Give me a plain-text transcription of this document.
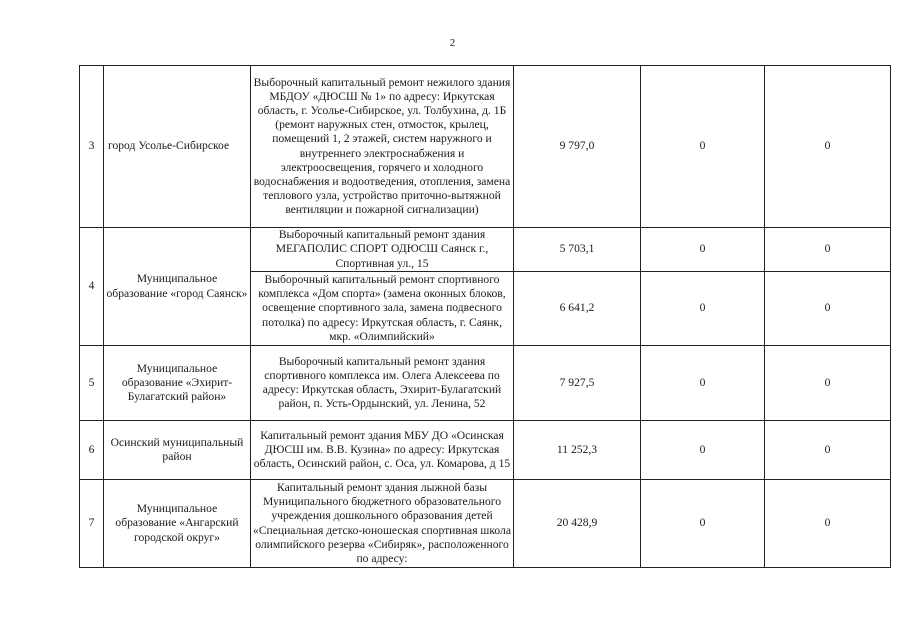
2
3	город Усолье-Сибирское	Выборочный капитальный ремонт нежилого здания МБДОУ «ДЮСШ № 1» по адресу: Иркутская область, г. Усолье-Сибирское, ул. Толбухина, д. 1Б (ремонт наружных стен, отмосток, крылец, помещений 1, 2 этажей, систем наружного и внутреннего электроснабжения и электроосвещения, горячего и холодного водоснабжения и водоотведения, отопления, замена теплового узла, устройство приточно-вытяжной вентиляции и пожарной сигнализации)	9 797,0	0	0
4	Муниципальное образование «город Саянск»	Выборочный капитальный ремонт здания МЕГАПОЛИС СПОРТ ОДЮСШ Саянск г., Спортивная ул., 15	5 703,1	0	0
		Выборочный капитальный ремонт спортивного комплекса «Дом спорта» (замена оконных блоков, освещение спортивного зала, замена подвесного потолка) по адресу: Иркутская область, г. Саянк, мкр. «Олимпийский»	6 641,2	0	0
5	Муниципальное образование «Эхирит-Булагатский район»	Выборочный капитальный ремонт здания спортивного комплекса им. Олега Алексеева по адресу: Иркутская область, Эхирит-Булагатский район, п. Усть-Ордынский, ул. Ленина, 52	7 927,5	0	0
6	Осинский муниципальный район	Капитальный ремонт здания МБУ ДО «Осинская ДЮСШ им. В.В. Кузина» по адресу: Иркутская область, Осинский район, с. Оса, ул. Комарова, д 15	11 252,3	0	0
7	Муниципальное образование «Ангарский городской округ»	Капитальный ремонт здания лыжной базы Муниципального бюджетного образовательного учреждения дошкольного образования детей «Специальная детско-юношеская спортивная школа олимпийского резерва «Сибиряк», расположенного по адресу:	20 428,9	0	0
